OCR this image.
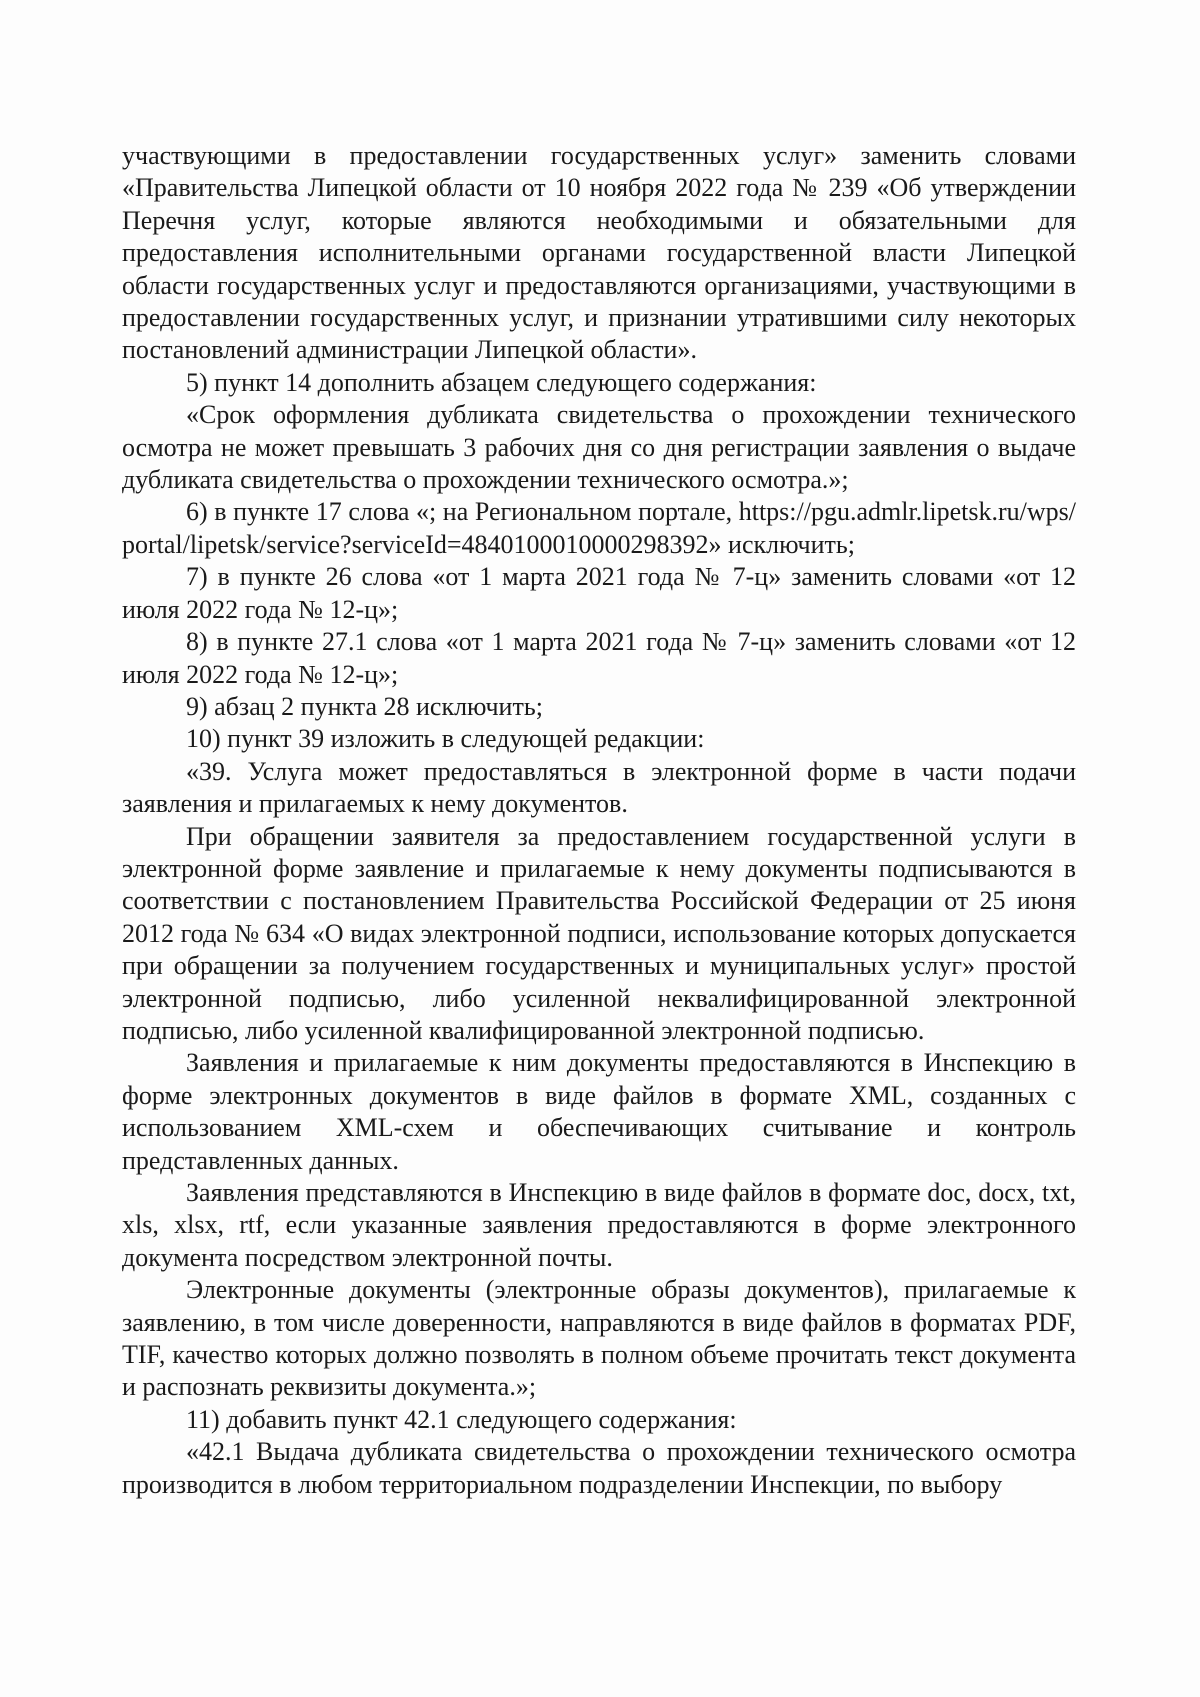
участвующими в предоставлении государственных услуг» заменить словами «Правительства Липецкой области от 10 ноября 2022 года № 239 «Об утверждении Перечня услуг, которые являются необходимыми и обязательными для предоставления исполнительными органами государственной власти Липецкой области государственных услуг и предоставляются организациями, участвующими в предоставлении государственных услуг, и признании утратившими силу некоторых постановлений администрации Липецкой области».

5) пункт 14 дополнить абзацем следующего содержания:

«Срок оформления дубликата свидетельства о прохождении технического осмотра не может превышать 3 рабочих дня со дня регистрации заявления о выдаче дубликата свидетельства о прохождении технического осмотра.»;

6) в пункте 17 слова «; на Региональном портале, https://pgu.admlr.lipetsk.ru/wps/portal/lipetsk/service?serviceId=4840100010000298392» исключить;

7) в пункте 26 слова «от 1 марта 2021 года № 7-ц» заменить словами «от 12 июля 2022 года № 12-ц»;

8) в пункте 27.1 слова «от 1 марта 2021 года № 7-ц» заменить словами «от 12 июля 2022 года № 12-ц»;

9) абзац 2 пункта 28 исключить;

10) пункт 39 изложить в следующей редакции:

«39. Услуга может предоставляться в электронной форме в части подачи заявления и прилагаемых к нему документов.

При обращении заявителя за предоставлением государственной услуги в электронной форме заявление и прилагаемые к нему документы подписываются в соответствии с постановлением Правительства Российской Федерации от 25 июня 2012 года № 634 «О видах электронной подписи, использование которых допускается при обращении за получением государственных и муниципальных услуг» простой электронной подписью, либо усиленной неквалифицированной электронной подписью, либо усиленной квалифицированной электронной подписью.

Заявления и прилагаемые к ним документы предоставляются в Инспекцию в форме электронных документов в виде файлов в формате XML, созданных с использованием XML-схем и обеспечивающих считывание и контроль представленных данных.

Заявления представляются в Инспекцию в виде файлов в формате doc, docx, txt, xls, xlsx, rtf, если указанные заявления предоставляются в форме электронного документа посредством электронной почты.

Электронные документы (электронные образы документов), прилагаемые к заявлению, в том числе доверенности, направляются в виде файлов в форматах PDF, TIF, качество которых должно позволять в полном объеме прочитать текст документа и распознать реквизиты документа.»;

11) добавить пункт 42.1 следующего содержания:

«42.1 Выдача дубликата свидетельства о прохождении технического осмотра производится в любом территориальном подразделении Инспекции, по выбору
